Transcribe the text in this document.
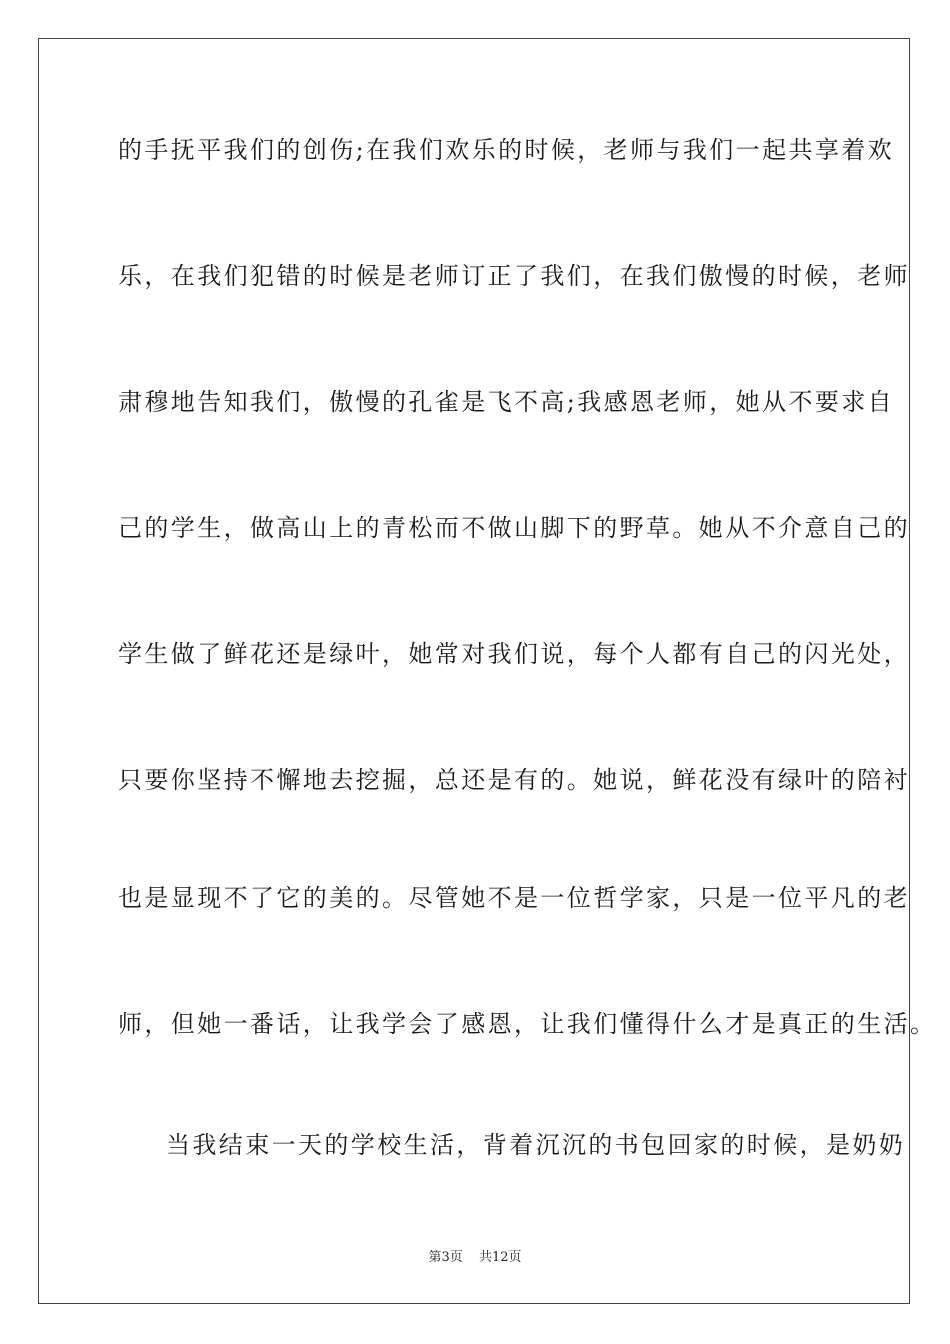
的手抚平我们的创伤;在我们欢乐的时候，老师与我们一起共享着欢
乐，在我们犯错的时候是老师订正了我们，在我们傲慢的时候，老师
肃穆地告知我们，傲慢的孔雀是飞不高;我感恩老师，她从不要求自
己的学生，做高山上的青松而不做山脚下的野草。她从不介意自己的
学生做了鲜花还是绿叶，她常对我们说，每个人都有自己的闪光处，
只要你坚持不懈地去挖掘，总还是有的。她说，鲜花没有绿叶的陪衬
也是显现不了它的美的。尽管她不是一位哲学家，只是一位平凡的老
师，但她一番话，让我学会了感恩，让我们懂得什么才是真正的生活。
当我结束一天的学校生活，背着沉沉的书包回家的时候，是奶奶
第3页 共12页
